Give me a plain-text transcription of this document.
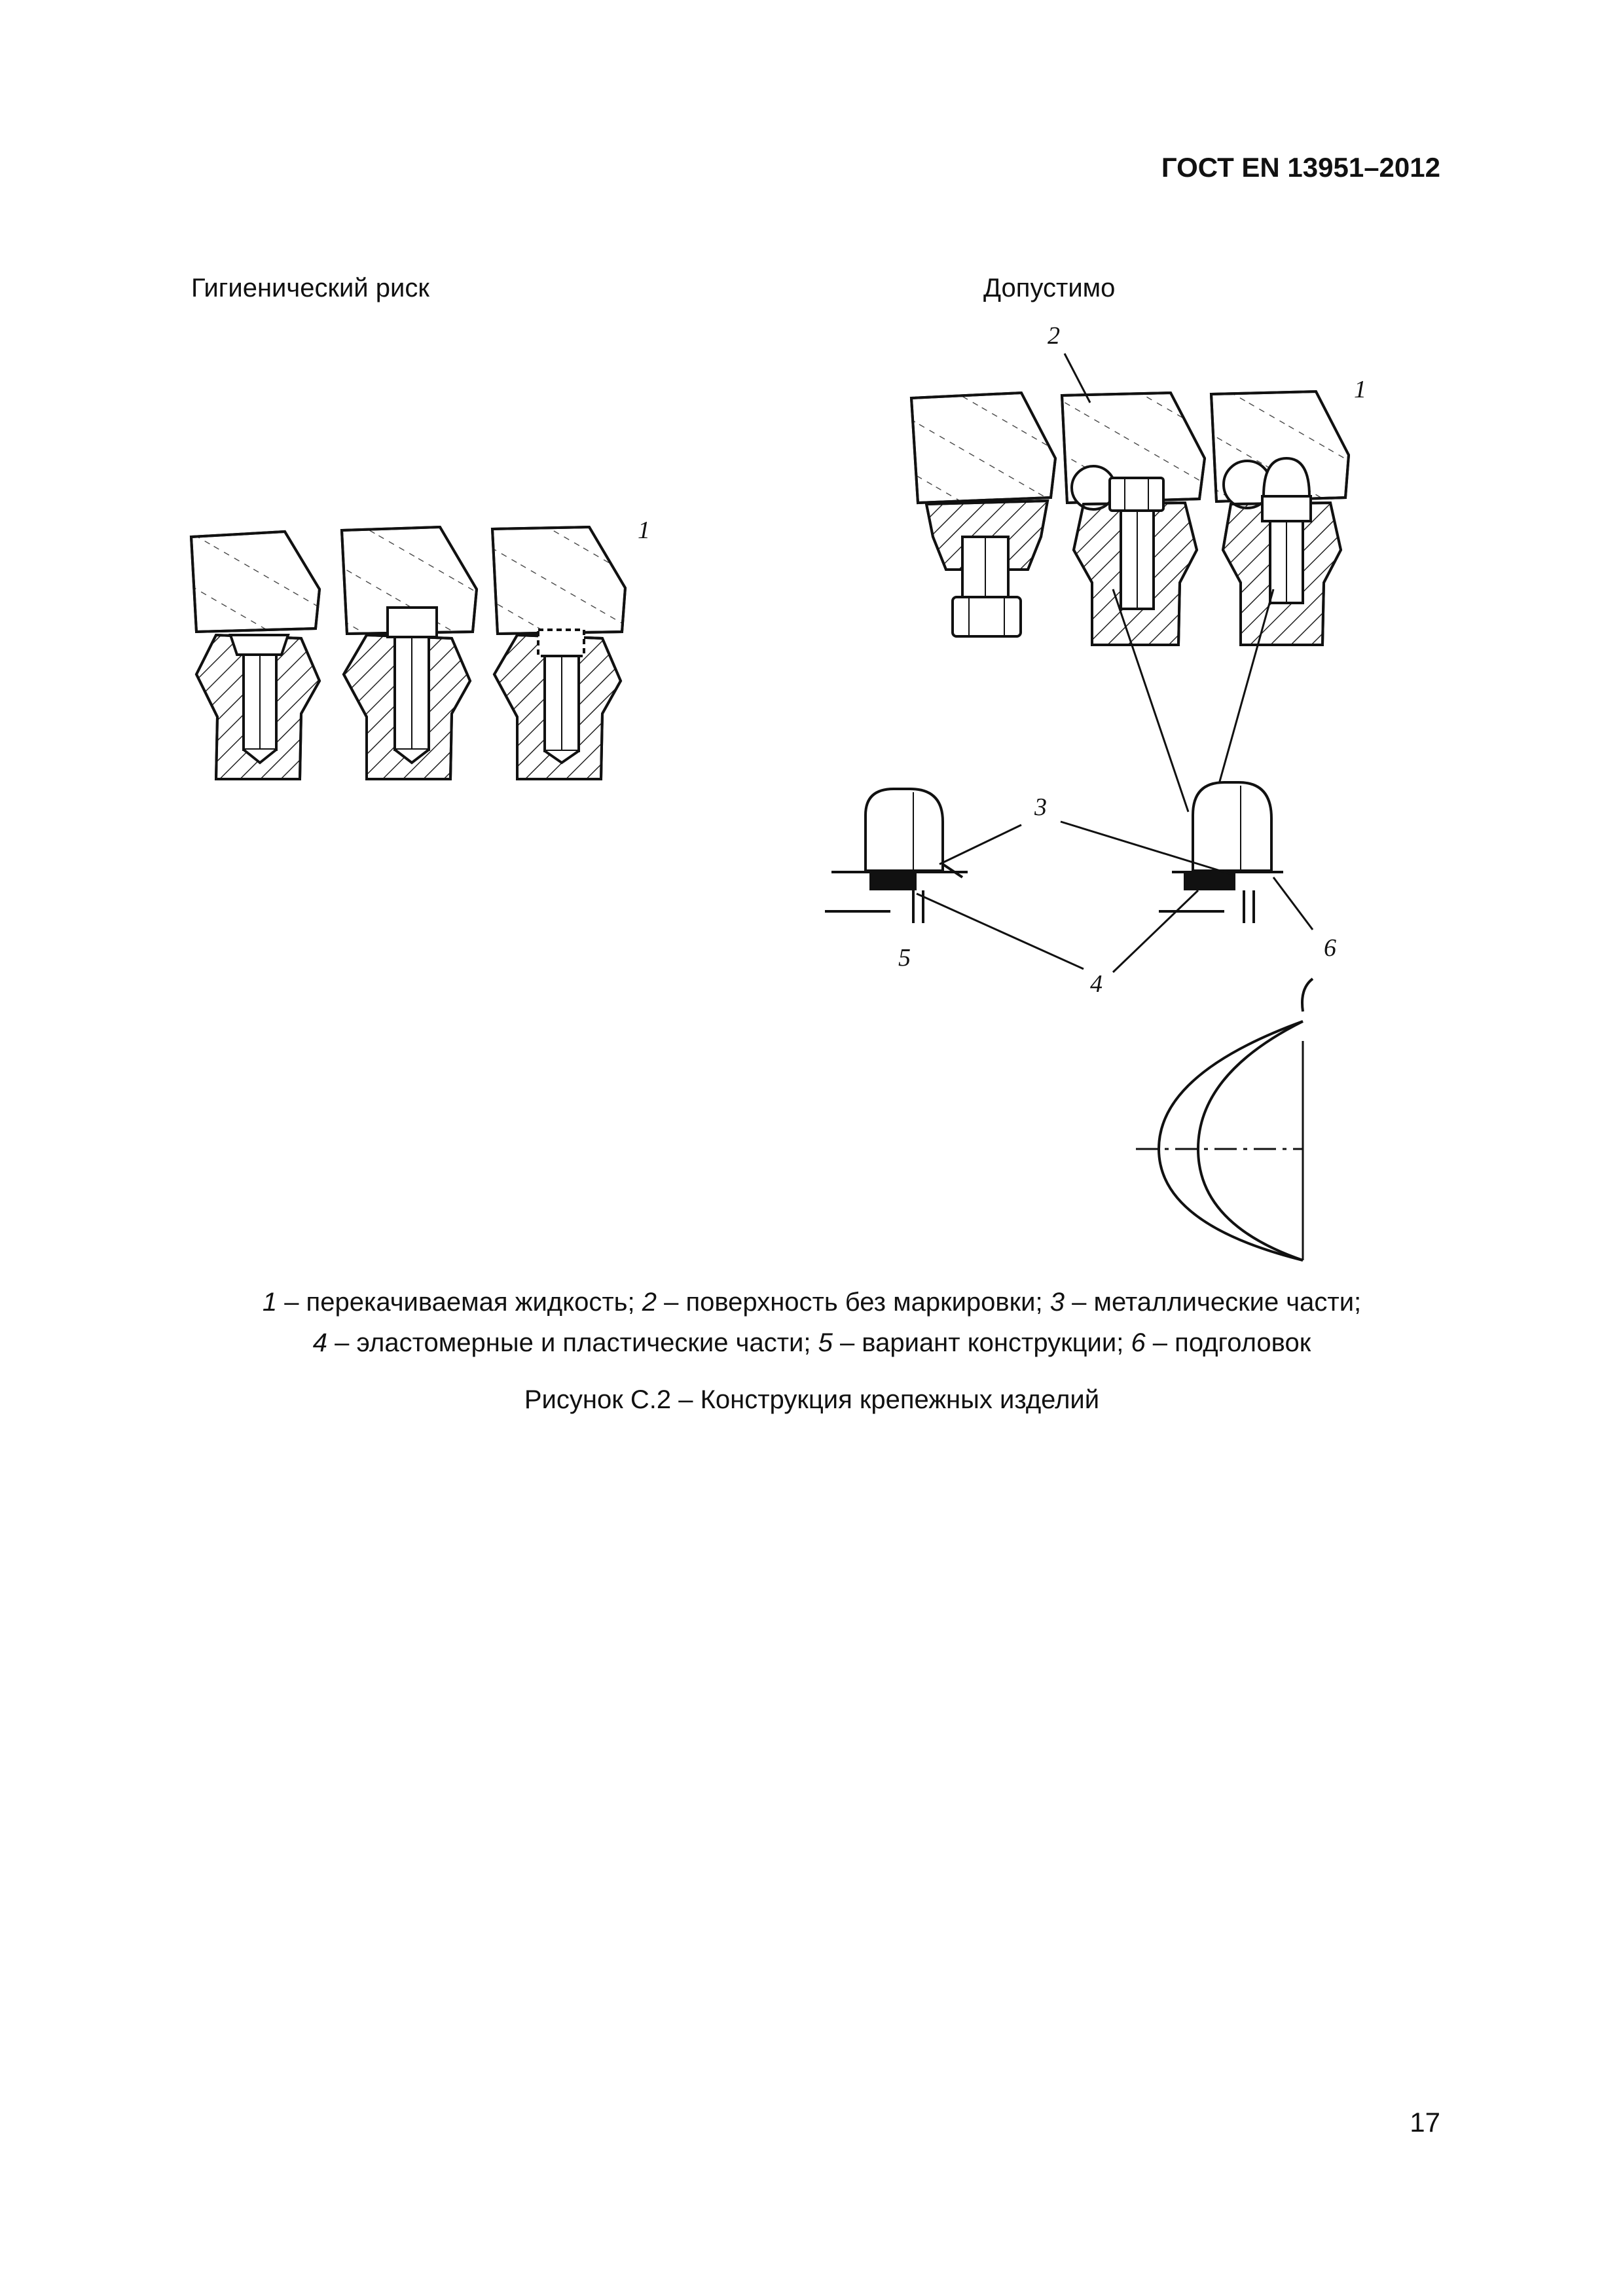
ГОСТ EN 13951–2012
Гигиенический риск	Допустимо
1
1
2
3
4
5	6
1 – перекачиваемая жидкость; 2 – поверхность без маркировки; 3 – металлические части;
4 – эластомерные и пластические части; 5 – вариант конструкции; 6 – подголовок
Рисунок С.2 – Конструкция крепежных изделий
17
